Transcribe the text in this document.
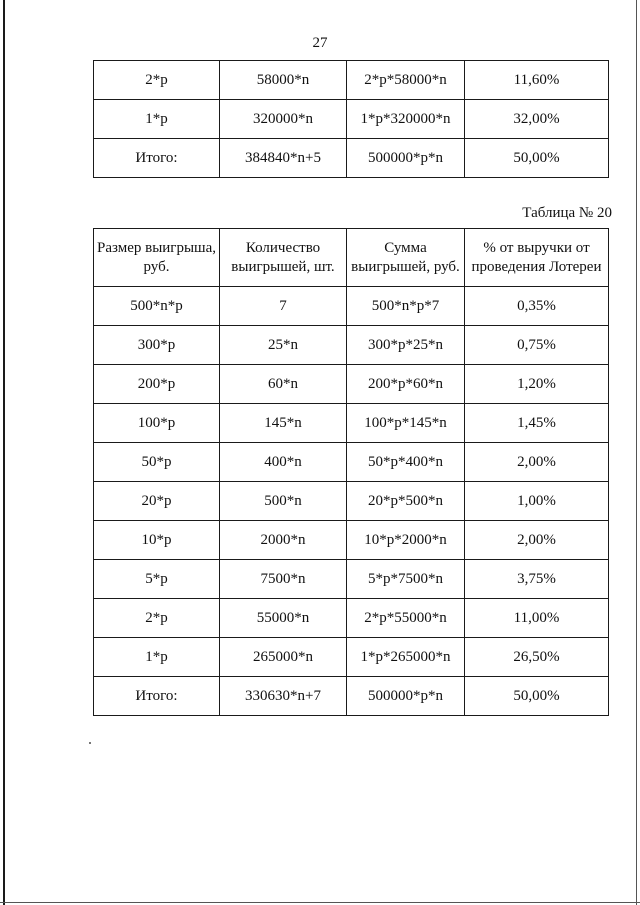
27
2*p	58000*n	2*p*58000*n	11,60%
1*p	320000*n	1*p*320000*n	32,00%
Итого:	384840*n+5	500000*p*n	50,00%
Таблица № 20
Размер выигрыша, руб.	Количество выигрышей, шт.	Сумма выигрышей, руб.	% от выручки от проведения Лотереи
500*n*p	7	500*n*p*7	0,35%
300*p	25*n	300*p*25*n	0,75%
200*p	60*n	200*p*60*n	1,20%
100*p	145*n	100*p*145*n	1,45%
50*p	400*n	50*p*400*n	2,00%
20*p	500*n	20*p*500*n	1,00%
10*p	2000*n	10*p*2000*n	2,00%
5*p	7500*n	5*p*7500*n	3,75%
2*p	55000*n	2*p*55000*n	11,00%
1*p	265000*n	1*p*265000*n	26,50%
Итого:	330630*n+7	500000*p*n	50,00%
